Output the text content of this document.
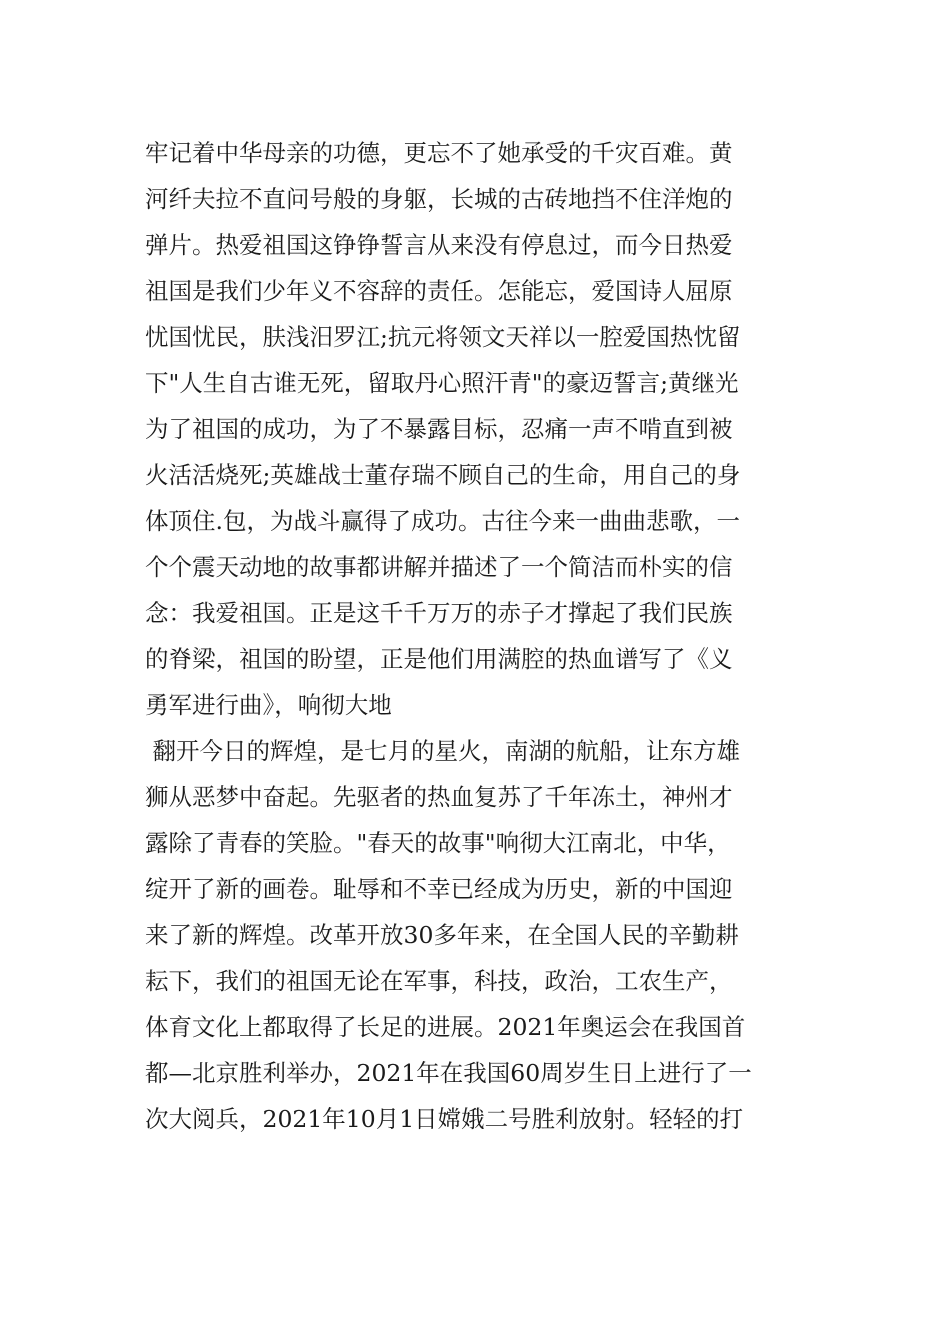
牢记着中华母亲的功德，更忘不了她承受的千灾百难。黄
河纤夫拉不直问号般的身躯，长城的古砖地挡不住洋炮的
弹片。热爱祖国这铮铮誓言从来没有停息过，而今日热爱
祖国是我们少年义不容辞的责任。怎能忘，爱国诗人屈原
忧国忧民，肤浅汨罗江;抗元将领文天祥以一腔爱国热忱留
下"人生自古谁无死，留取丹心照汗青"的豪迈誓言;黄继光
为了祖国的成功，为了不暴露目标，忍痛一声不啃直到被
火活活烧死;英雄战士董存瑞不顾自己的生命，用自己的身
体顶住.包，为战斗赢得了成功。古往今来一曲曲悲歌，一
个个震天动地的故事都讲解并描述了一个简洁而朴实的信
念：我爱祖国。正是这千千万万的赤子才撑起了我们民族
的脊梁，祖国的盼望，正是他们用满腔的热血谱写了《义
勇军进行曲》，响彻大地
翻开今日的辉煌，是七月的星火，南湖的航船，让东方雄
狮从恶梦中奋起。先驱者的热血复苏了千年冻土，神州才
露除了青春的笑脸。"春天的故事"响彻大江南北，中华，
绽开了新的画卷。耻辱和不幸已经成为历史，新的中国迎
来了新的辉煌。改革开放30多年来，在全国人民的辛勤耕
耘下，我们的祖国无论在军事，科技，政治，工农生产，
体育文化上都取得了长足的进展。2021年奥运会在我国首
都—北京胜利举办，2021年在我国60周岁生日上进行了一
次大阅兵，2021年10月1日嫦娥二号胜利放射。轻轻的打
